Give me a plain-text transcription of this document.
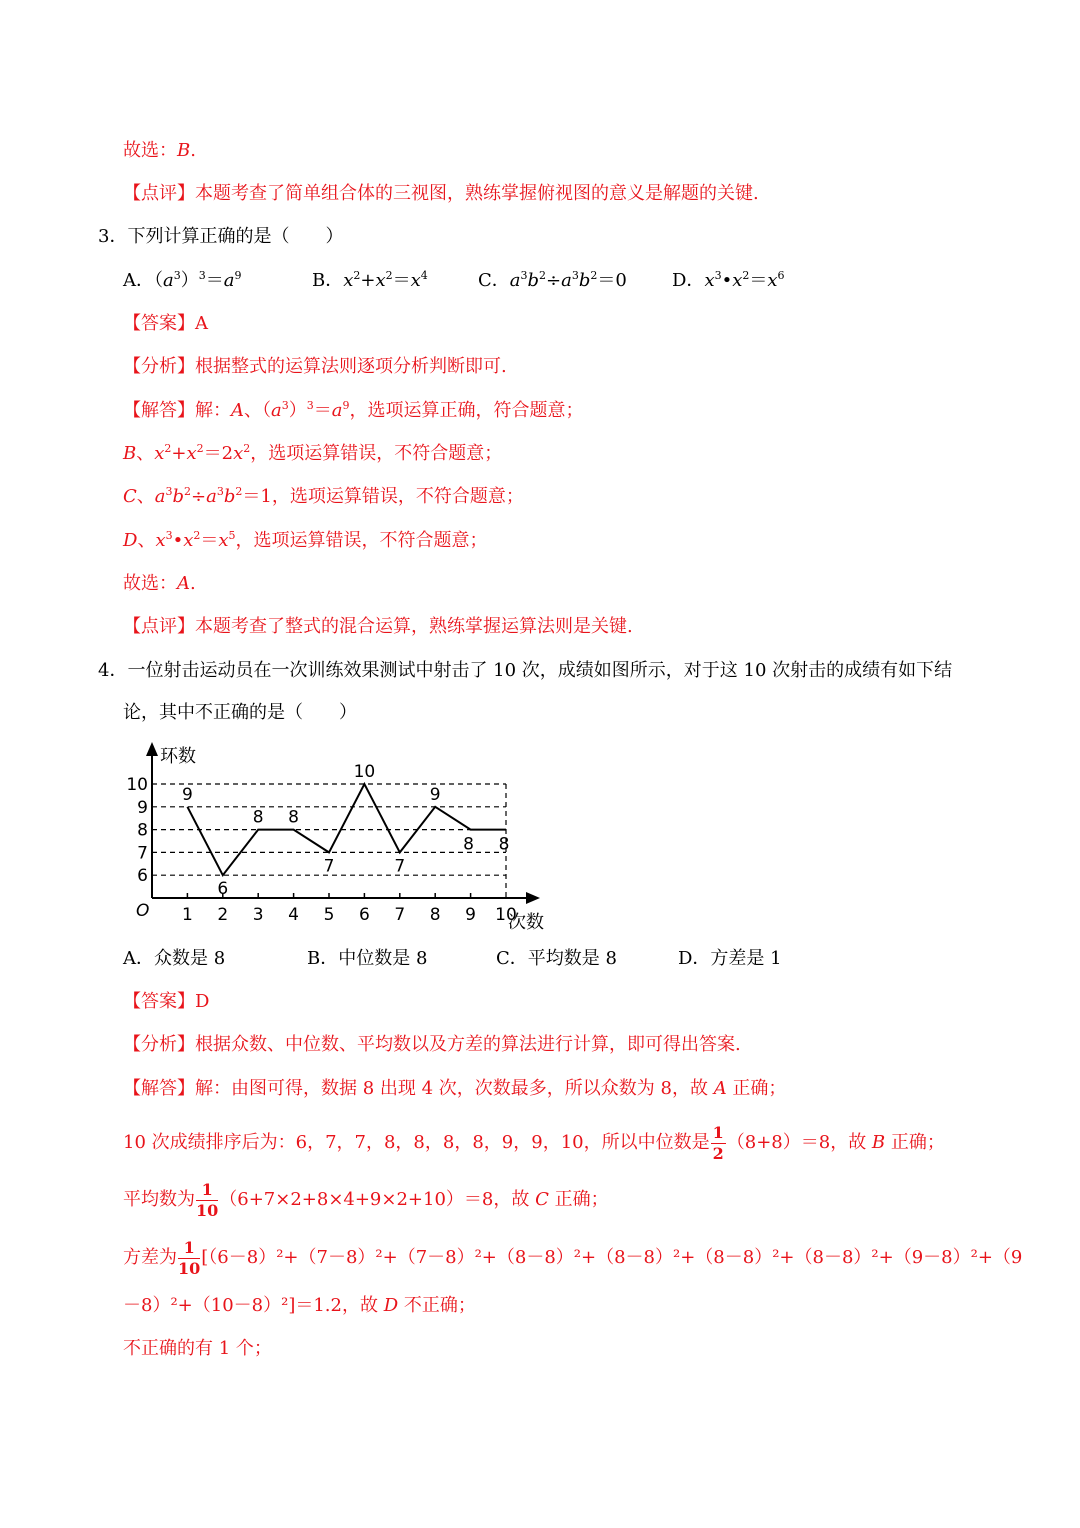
故选：B.
【点评】本题考查了简单组合体的三视图，熟练掌握俯视图的意义是解题的关键.
3．下列计算正确的是（　　）
A．$(a^3)^3=a^9$	B．$x^2+x^2=x^4$	C．$a^3b^2\div a^3b^2=0$	D．$x^3•x^2=x^6$
【答案】A
【分析】根据整式的运算法则逐项分析判断即可.
【解答】解：A、$(a^3)^3=a^9$，选项运算正确，符合题意；
B、$x^2+x^2=2x^2$，选项运算错误，不符合题意；
C、$a^3b^2\div a^3b^2=1$，选项运算错误，不符合题意；
D、$x^3•x^2=x^5$，选项运算错误，不符合题意；
故选：A.
【点评】本题考查了整式的混合运算，熟练掌握运算法则是关键.
4．一位射击运动员在一次训练效果测试中射击了 10 次，成绩如图所示，对于这 10 次射击的成绩有如下结
论，其中不正确的是（　　）
环数
次数
O
6
7
8
9
10
1 2 3 4 5 6 7 8 9 10
9
6
8 8
7
10
7
9
8 8
A．众数是 8	B．中位数是 8	C．平均数是 8	D．方差是 1
【答案】D
【分析】根据众数、中位数、平均数以及方差的算法进行计算，即可得出答案.
【解答】解：由图可得，数据 8 出现 4 次，次数最多，所以众数为 8，故 A 正确；
10 次成绩排序后为：6，7，7，8，8，8，8，9，9，10，所以中位数是 $\frac{1}{2} (8+8)=8$，故 B 正确；
平均数为 $\frac{1}{10} (6+7\times 2+8\times 4+9\times 2+10)=8$，故 C 正确；
方差为 $\frac{1}{10} [(6-8)^2+(7-8)^2+(7-8)^2+(8-8)^2+(8-8)^2+(8-8)^2+(8-8)^2+(9-8)^2+(9$
－8）²+（10－8）²]＝1.2，故 D 不正确；
不正确的有 1 个；
